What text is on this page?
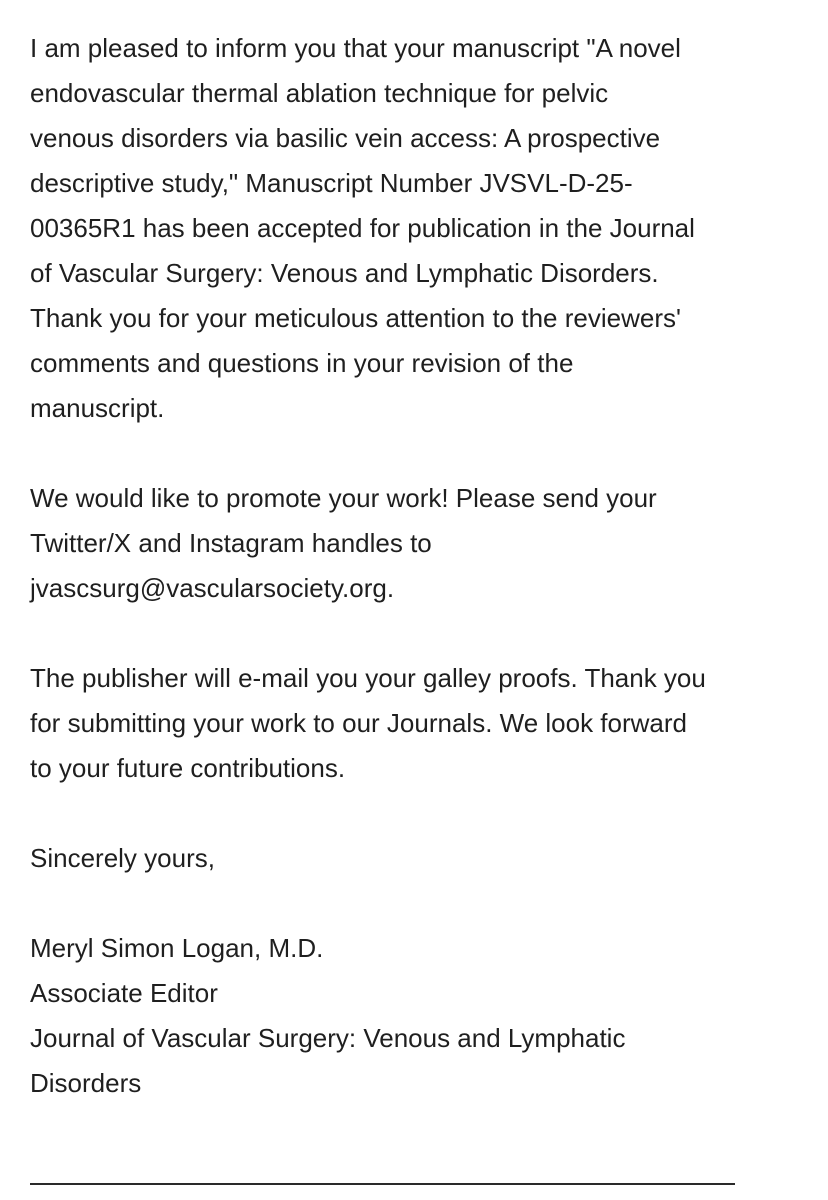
I am pleased to inform you that your manuscript "A novel
endovascular thermal ablation technique for pelvic
venous disorders via basilic vein access: A prospective
descriptive study," Manuscript Number JVSVL-D-25-
00365R1 has been accepted for publication in the Journal
of Vascular Surgery: Venous and Lymphatic Disorders.
Thank you for your meticulous attention to the reviewers'
comments and questions in your revision of the
manuscript.

We would like to promote your work! Please send your
Twitter/X and Instagram handles to
jvascsurg@vascularsociety.org.

The publisher will e-mail you your galley proofs. Thank you
for submitting your work to our Journals. We look forward
to your future contributions.

Sincerely yours,

Meryl Simon Logan, M.D.
Associate Editor
Journal of Vascular Surgery: Venous and Lymphatic
Disorders
